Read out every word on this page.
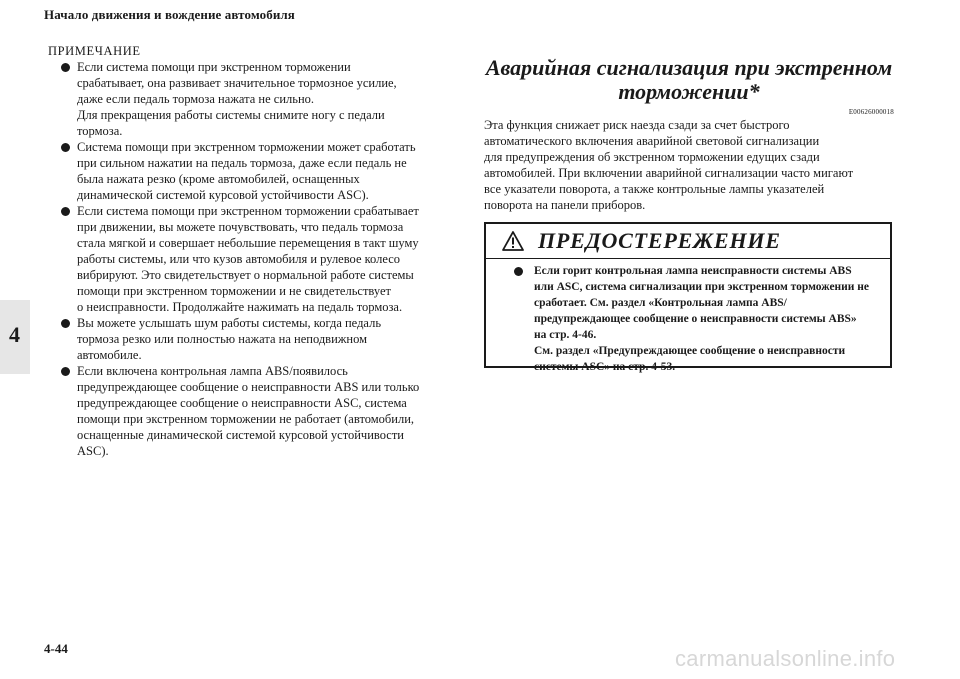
Начало движения и вождение автомобиля
4
ПРИМЕЧАНИЕ
Если система помощи при экстренном торможении
срабатывает, она развивает значительное тормозное усилие,
даже если педаль тормоза нажата не сильно.
Для прекращения работы системы снимите ногу с педали
тормоза.
Система помощи при экстренном торможении может сработать
при сильном нажатии на педаль тормоза, даже если педаль не
была нажата резко (кроме автомобилей, оснащенных
динамической системой курсовой устойчивости ASC).
Если система помощи при экстренном торможении срабатывает
при движении, вы можете почувствовать, что педаль тормоза
стала мягкой и совершает небольшие перемещения в такт шуму
работы системы, или что кузов автомобиля и рулевое колесо
вибрируют. Это свидетельствует о нормальной работе системы
помощи при экстренном торможении и не свидетельствует
о неисправности. Продолжайте нажимать на педаль тормоза.
Вы можете услышать шум работы системы, когда педаль
тормоза резко или полностью нажата на неподвижном
автомобиле.
Если включена контрольная лампа ABS/появилось
предупреждающее сообщение о неисправности ABS или только
предупреждающее сообщение о неисправности ASC, система
помощи при экстренном торможении не работает (автомобили,
оснащенные динамической системой курсовой устойчивости
ASC).
Аварийная сигнализация при экстренном
торможении*
E00626000018
Эта функция снижает риск наезда сзади за счет быстрого
автоматического включения аварийной световой сигнализации
для предупреждения об экстренном торможении едущих сзади
автомобилей. При включении аварийной сигнализации часто мигают
все указатели поворота, а также контрольные лампы указателей
поворота на панели приборов.
ПРЕДОСТЕРЕЖЕНИЕ
Если горит контрольная лампа неисправности системы ABS
или ASC, система сигнализации при экстренном торможении не
сработает. См. раздел «Контрольная лампа ABS/
предупреждающее сообщение о неисправности системы ABS»
на стр. 4-46.
См. раздел «Предупреждающее сообщение о неисправности
системы ASC» на стр. 4-53.
4-44	carmanualsonline.info
